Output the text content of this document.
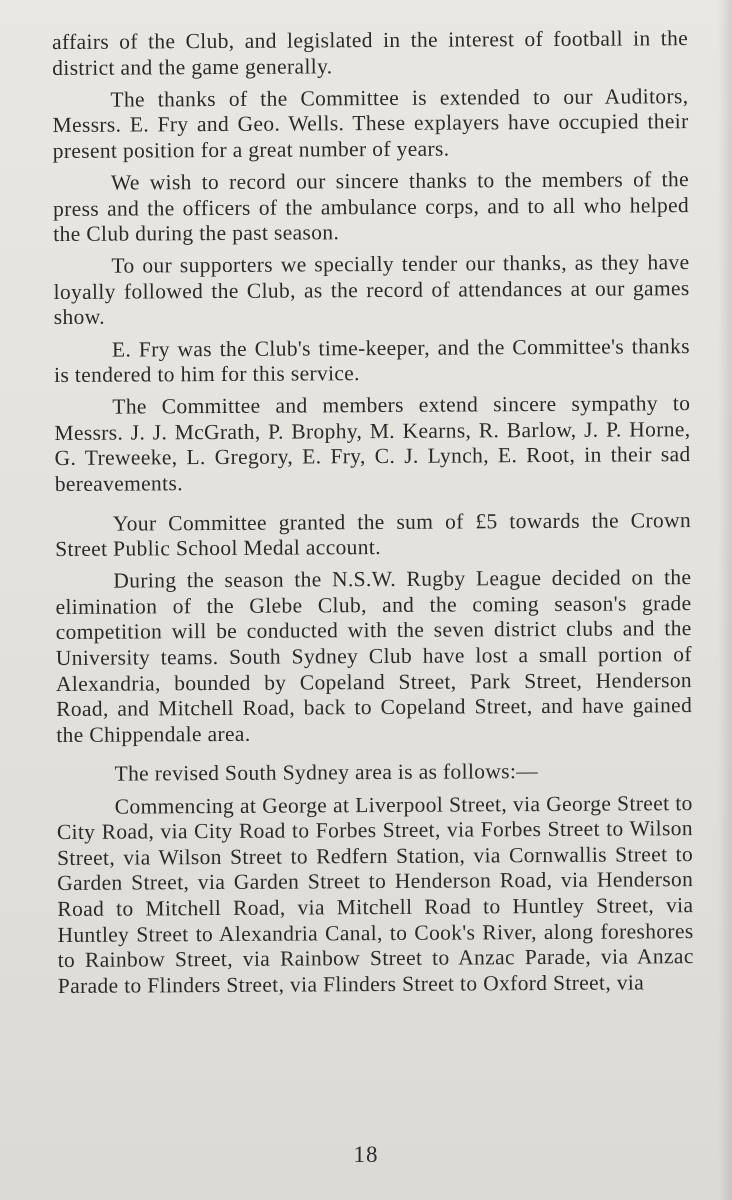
affairs of the Club, and legislated in the interest of football in the district and the game generally.

The thanks of the Committee is extended to our Auditors, Messrs. E. Fry and Geo. Wells. These explayers have occupied their present position for a great number of years.

We wish to record our sincere thanks to the members of the press and the officers of the ambulance corps, and to all who helped the Club during the past season.

To our supporters we specially tender our thanks, as they have loyally followed the Club, as the record of attendances at our games show.

E. Fry was the Club's time-keeper, and the Committee's thanks is tendered to him for this service.

The Committee and members extend sincere sympathy to Messrs. J. J. McGrath, P. Brophy, M. Kearns, R. Barlow, J. P. Horne, G. Treweeke, L. Gregory, E. Fry, C. J. Lynch, E. Root, in their sad bereavements.

Your Committee granted the sum of £5 towards the Crown Street Public School Medal account.

During the season the N.S.W. Rugby League decided on the elimination of the Glebe Club, and the coming season's grade competition will be conducted with the seven district clubs and the University teams. South Sydney Club have lost a small portion of Alexandria, bounded by Copeland Street, Park Street, Henderson Road, and Mitchell Road, back to Copeland Street, and have gained the Chippendale area.

The revised South Sydney area is as follows:—

Commencing at George at Liverpool Street, via George Street to City Road, via City Road to Forbes Street, via Forbes Street to Wilson Street, via Wilson Street to Redfern Station, via Cornwallis Street to Garden Street, via Garden Street to Henderson Road, via Henderson Road to Mitchell Road, via Mitchell Road to Huntley Street, via Huntley Street to Alexandria Canal, to Cook's River, along foreshores to Rainbow Street, via Rainbow Street to Anzac Parade, via Anzac Parade to Flinders Street, via Flinders Street to Oxford Street, via

18
